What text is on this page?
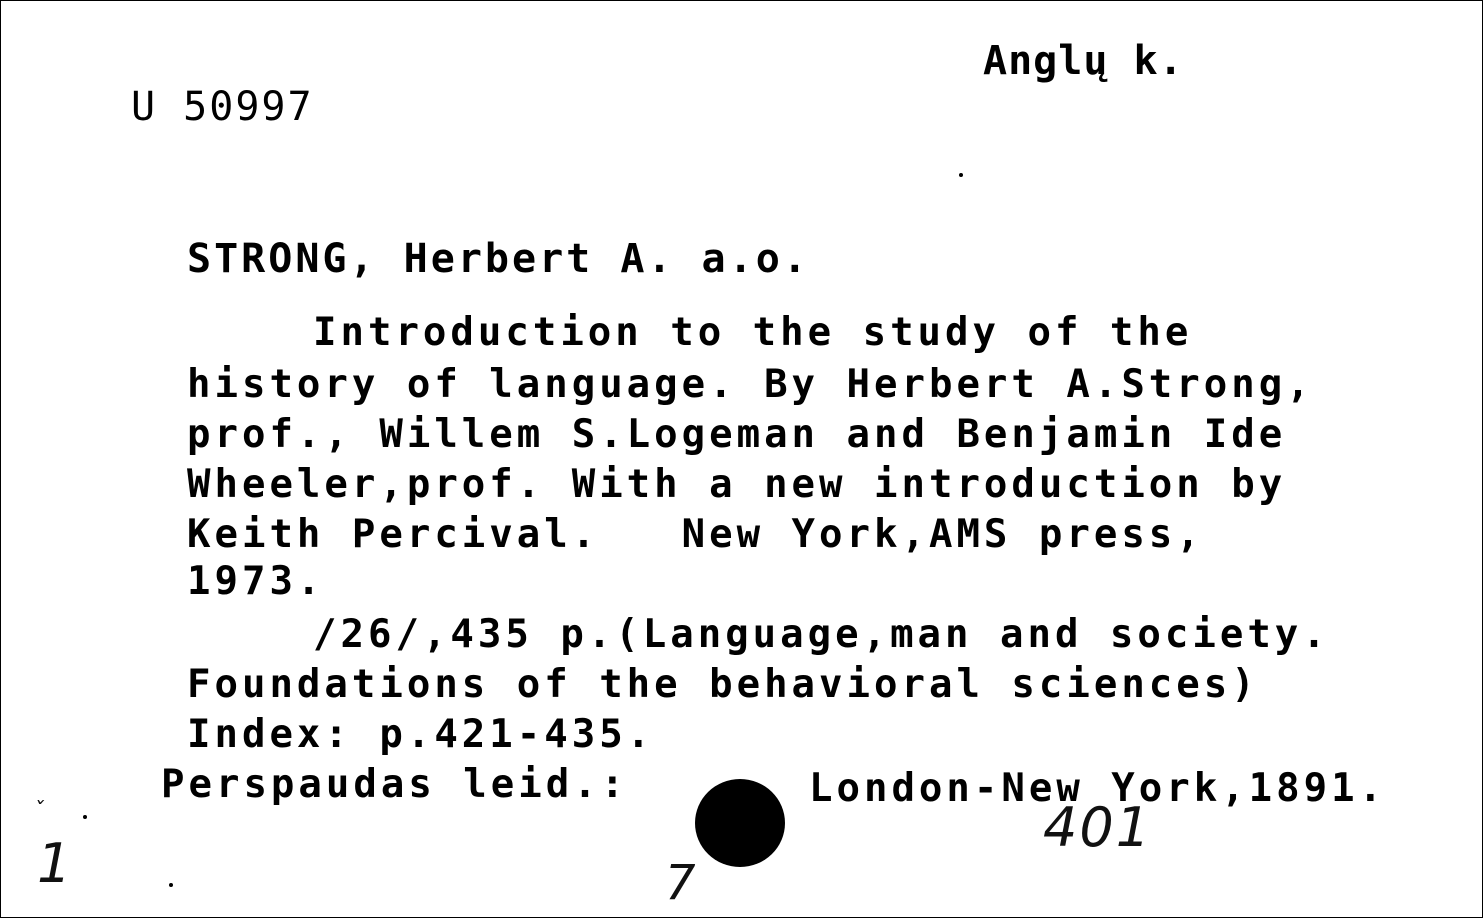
U 50997
Anglų k.
STRONG, Herbert A. a.o.
Introduction to the study of the
history of language. By Herbert A.Strong,
prof., Willem S.Logeman and Benjamin Ide
Wheeler,prof. With a new introduction by
Keith Percival.   New York,AMS press,
1973.
/26/,435 p.(Language,man and society.
Foundations of the behavioral sciences)
Index: p.421-435.
Perspaudas leid.:	London-New York,1891.
ˇ
1	7
401
